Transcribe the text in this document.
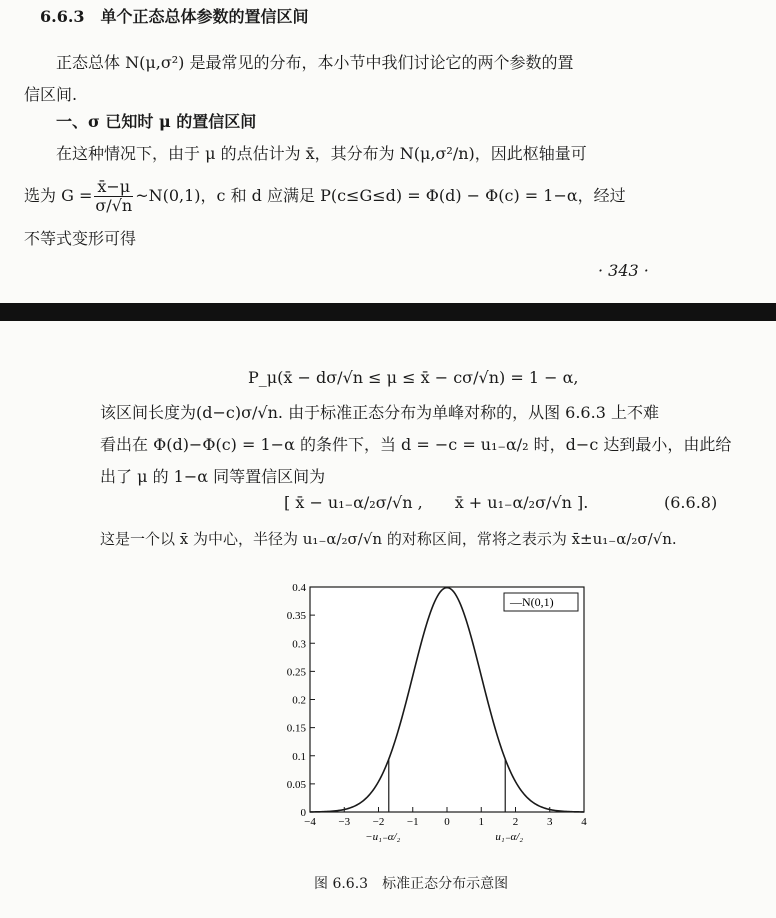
6.6.3　单个正态总体参数的置信区间
正态总体 N(μ,σ²) 是最常见的分布，本小节中我们讨论它的两个参数的置
信区间.
一、σ 已知时 μ 的置信区间
在这种情况下，由于 μ 的点估计为 x̄，其分布为 N(μ,σ²/n)，因此枢轴量可
选为 $G = \frac{x̄-\mu}{\sigma/√n}$ ~N(0,1)，c 和 d 应满足 P(c≤G≤d) = Φ(d) − Φ(c) = 1−α，经过
不等式变形可得
· 343 ·
P_μ(x̄ − dσ/√n ≤ μ ≤ x̄ − cσ/√n) = 1 − α,
该区间长度为(d−c)σ/√n. 由于标准正态分布为单峰对称的，从图 6.6.3 上不难
看出在 Φ(d)−Φ(c) = 1−α 的条件下，当 d = −c = u₁₋α/₂ 时，d−c 达到最小，由此给
出了 μ 的 1−α 同等置信区间为
[ x̄ − u₁₋α/₂σ/√n ,　　x̄ + u₁₋α/₂σ/√n ].	(6.6.8)
这是一个以 x̄ 为中心，半径为 u₁₋α/₂σ/√n 的对称区间，常将之表示为 x̄±u₁₋α/₂σ/√n.
0
0.05
0.1
0.15
0.2
0.25
0.3
0.35
0.4
−4 −3 −2 −1 0	1	2	3	4
−u₁₋α/₂	u₁₋α/₂
—N(0,1)
图 6.6.3　标准正态分布示意图
